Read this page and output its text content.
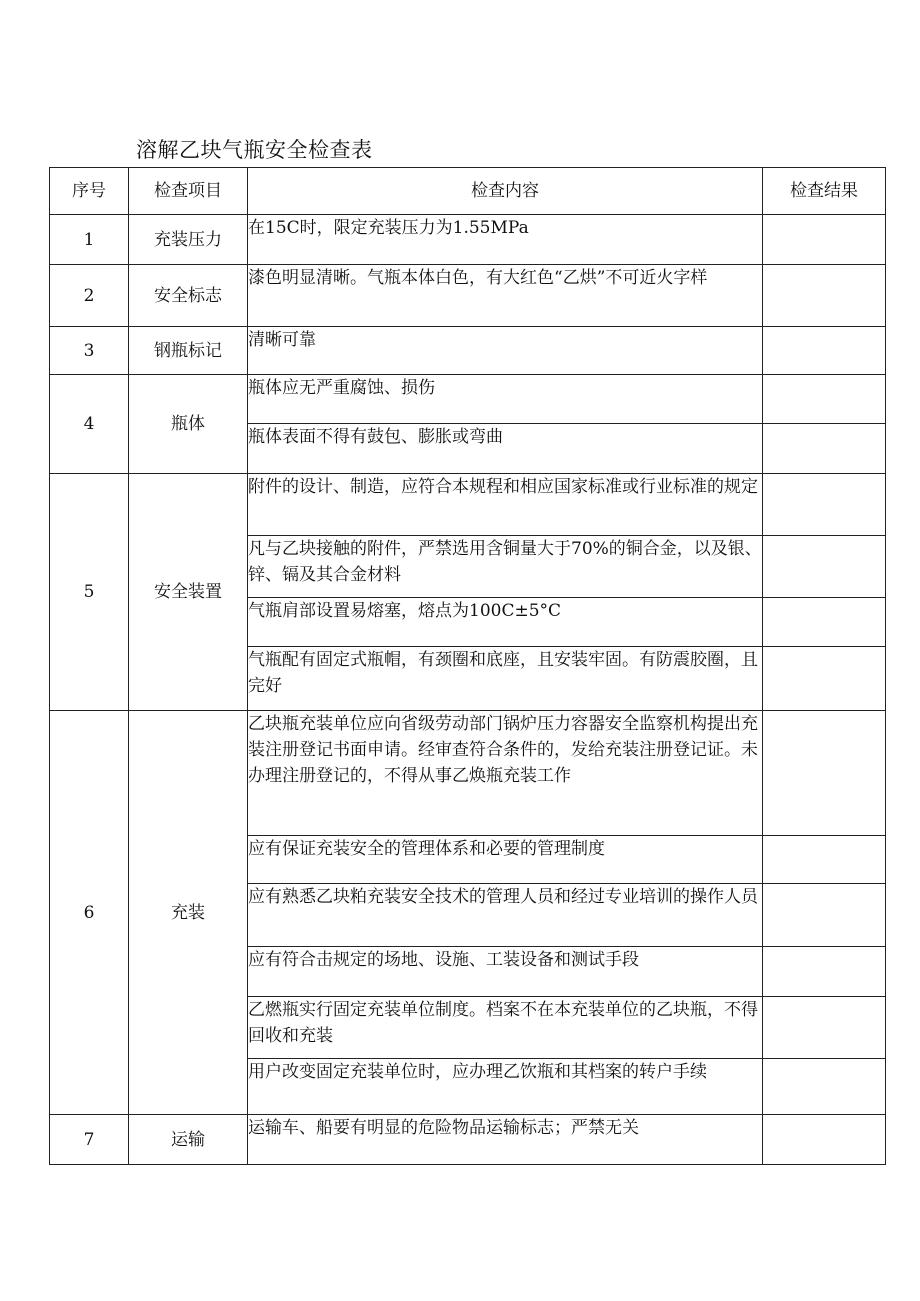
溶解乙块气瓶安全检查表
序号	检查项目	检查内容	检查结果
1	充装压力	在15C时，限定充装压力为1.55MPa	
2	安全标志	漆色明显清晰。气瓶本体白色，有大红色“乙烘”不可近火字样	
3	钢瓶标记	清晰可靠	
4	瓶体	瓶体应无严重腐蚀、损伤	
		瓶体表面不得有鼓包、膨胀或弯曲	
5	安全装置	附件的设计、制造，应符合本规程和相应国家标准或行业标准的规定	
		凡与乙块接触的附件，严禁选用含铜量大于70%的铜合金，以及银、锌、镉及其合金材料	
		气瓶肩部设置易熔塞，熔点为100C±5°C	
		气瓶配有固定式瓶帽，有颈圈和底座，且安装牢固。有防震胶圈，且完好	
6	充装	乙块瓶充装单位应向省级劳动部门锅炉压力容器安全监察机构提出充装注册登记书面申请。经审查符合条件的，发给充装注册登记证。未办理注册登记的，不得从事乙焕瓶充装工作	
		应有保证充装安全的管理体系和必要的管理制度	
		应有熟悉乙块粕充装安全技术的管理人员和经过专业培训的操作人员	
		应有符合击规定的场地、设施、工装设备和测试手段	
		乙燃瓶实行固定充装单位制度。档案不在本充装单位的乙块瓶，不得回收和充装	
		用户改变固定充装单位时，应办理乙饮瓶和其档案的转户手续	
7	运输	运输车、船要有明显的危险物品运输标志；严禁无关	
